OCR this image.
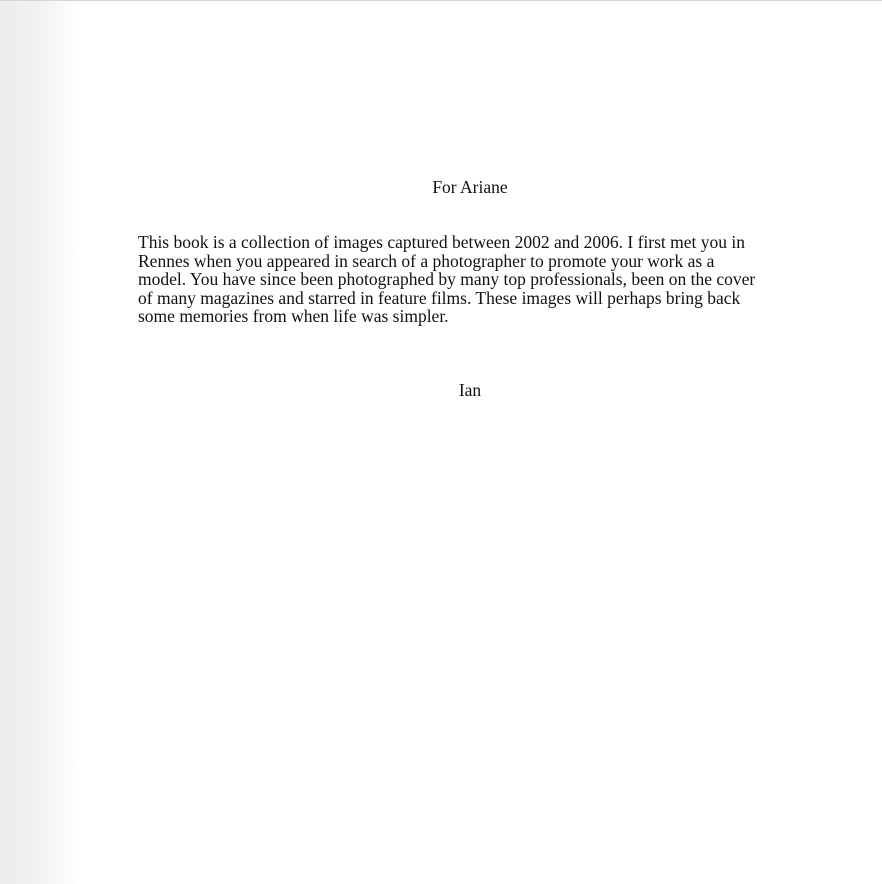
For Ariane

This book is a collection of images captured between 2002 and 2006. I first met you in
Rennes when you appeared in search of a photographer to promote your work as a
model. You have since been photographed by many top professionals, been on the cover
of many magazines and starred in feature films. These images will perhaps bring back
some memories from when life was simpler.

Ian
